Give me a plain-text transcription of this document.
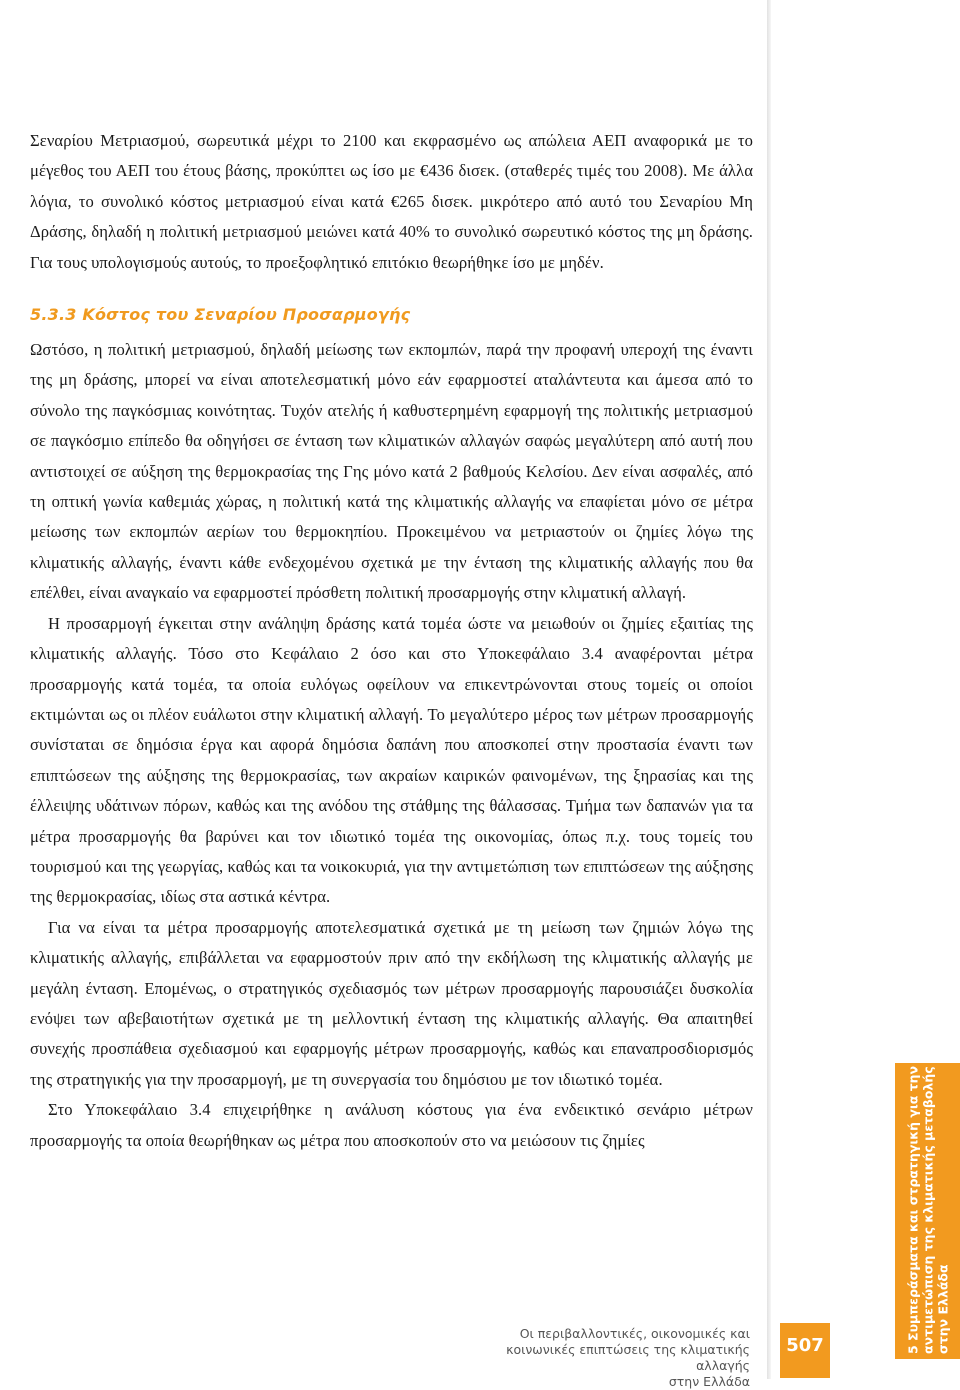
Σεναρίου Μετριασμού, σωρευτικά μέχρι το 2100 και εκφρασμένο ως απώλεια ΑΕΠ αναφορικά με το μέγεθος του ΑΕΠ του έτους βάσης, προκύπτει ως ίσο με €436 δισεκ. (σταθερές τιμές του 2008). Με άλλα λόγια, το συνολικό κόστος μετριασμού είναι κατά €265 δισεκ. μικρότερο από αυτό του Σεναρίου Μη Δράσης, δηλαδή η πολιτική μετριασμού μειώνει κατά 40% το συνολικό σωρευτικό κόστος της μη δράσης. Για τους υπολογισμούς αυτούς, το προεξοφλητικό επιτόκιο θεωρήθηκε ίσο με μηδέν.

5.3.3 Κόστος του Σεναρίου Προσαρμογής

Ωστόσο, η πολιτική μετριασμού, δηλαδή μείωσης των εκπομπών, παρά την προφανή υπεροχή της έναντι της μη δράσης, μπορεί να είναι αποτελεσματική μόνο εάν εφαρμοστεί αταλάντευτα και άμεσα από το σύνολο της παγκόσμιας κοινότητας. Τυχόν ατελής ή καθυστερημένη εφαρμογή της πολιτικής μετριασμού σε παγκόσμιο επίπεδο θα οδηγήσει σε ένταση των κλιματικών αλλαγών σαφώς μεγαλύτερη από αυτή που αντιστοιχεί σε αύξηση της θερμοκρασίας της Γης μόνο κατά 2 βαθμούς Κελσίου. Δεν είναι ασφαλές, από τη οπτική γωνία καθεμιάς χώρας, η πολιτική κατά της κλιματικής αλλαγής να επαφίεται μόνο σε μέτρα μείωσης των εκπομπών αερίων του θερμοκηπίου. Προκειμένου να μετριαστούν οι ζημίες λόγω της κλιματικής αλλαγής, έναντι κάθε ενδεχομένου σχετικά με την ένταση της κλιματικής αλλαγής που θα επέλθει, είναι αναγκαίο να εφαρμοστεί πρόσθετη πολιτική προσαρμογής στην κλιματική αλλαγή.

Η προσαρμογή έγκειται στην ανάληψη δράσης κατά τομέα ώστε να μειωθούν οι ζημίες εξαιτίας της κλιματικής αλλαγής. Τόσο στο Κεφάλαιο 2 όσο και στο Υποκεφάλαιο 3.4 αναφέρονται μέτρα προσαρμογής κατά τομέα, τα οποία ευλόγως οφείλουν να επικεντρώνονται στους τομείς οι οποίοι εκτιμώνται ως οι πλέον ευάλωτοι στην κλιματική αλλαγή. Το μεγαλύτερο μέρος των μέτρων προσαρμογής συνίσταται σε δημόσια έργα και αφορά δημόσια δαπάνη που αποσκοπεί στην προστασία έναντι των επιπτώσεων της αύξησης της θερμοκρασίας, των ακραίων καιρικών φαινομένων, της ξηρασίας και της έλλειψης υδάτινων πόρων, καθώς και της ανόδου της στάθμης της θάλασσας. Τμήμα των δαπανών για τα μέτρα προσαρμογής θα βαρύνει και τον ιδιωτικό τομέα της οικονομίας, όπως π.χ. τους τομείς του τουρισμού και της γεωργίας, καθώς και τα νοικοκυριά, για την αντιμετώπιση των επιπτώσεων της αύξησης της θερμοκρασίας, ιδίως στα αστικά κέντρα.

Για να είναι τα μέτρα προσαρμογής αποτελεσματικά σχετικά με τη μείωση των ζημιών λόγω της κλιματικής αλλαγής, επιβάλλεται να εφαρμοστούν πριν από την εκδήλωση της κλιματικής αλλαγής με μεγάλη ένταση. Επομένως, ο στρατηγικός σχεδιασμός των μέτρων προσαρμογής παρουσιάζει δυσκολία ενόψει των αβεβαιοτήτων σχετικά με τη μελλοντική ένταση της κλιματικής αλλαγής. Θα απαιτηθεί συνεχής προσπάθεια σχεδιασμού και εφαρμογής μέτρων προσαρμογής, καθώς και επαναπροσδιορισμός της στρατηγικής για την προσαρμογή, με τη συνεργασία του δημόσιου με τον ιδιωτικό τομέα.

Στο Υποκεφάλαιο 3.4 επιχειρήθηκε η ανάλυση κόστους για ένα ενδεικτικό σενάριο μέτρων προσαρμογής τα οποία θεωρήθηκαν ως μέτρα που αποσκοπούν στο να μειώσουν τις ζημίες	5 Συμπεράσματα και στρατηγική για την αντιμετώπιση της κλιματικής μεταβολής στην Ελλάδα
Οι περιβαλλοντικές, οικονομικές και
κοινωνικές επιπτώσεις της κλιματικής αλλαγής
στην Ελλάδα
507
